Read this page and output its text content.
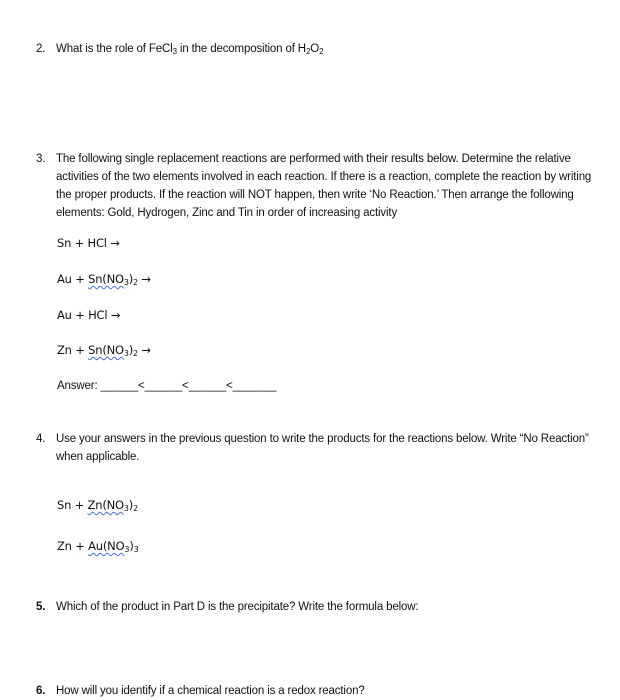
2. What is the role of FeCl$_3$ in the decomposition of $H_2O_2$
3. The following single replacement reactions are performed with their results below. Determine the relative activities of the two elements involved in each reaction. If there is a reaction, complete the reaction by writing the proper products. If the reaction will NOT happen, then write ‘No Reaction.’ Then arrange the following elements: Gold, Hydrogen, Zinc and Tin in order of increasing activity
Sn + HCl →
$Au + Sn(NO_3)_2$ →
Au + HCl →
$Zn + Sn(NO_3)_2$ →
Answer: ______<______<______<_______
4. Use your answers in the previous question to write the products for the reactions below. Write “No Reaction” when applicable.
$Sn + Zn(NO_3)_2$
$Zn + Au(NO_3)_3$
5. Which of the product in Part D is the precipitate? Write the formula below:
6. How will you identify if a chemical reaction is a redox reaction?
